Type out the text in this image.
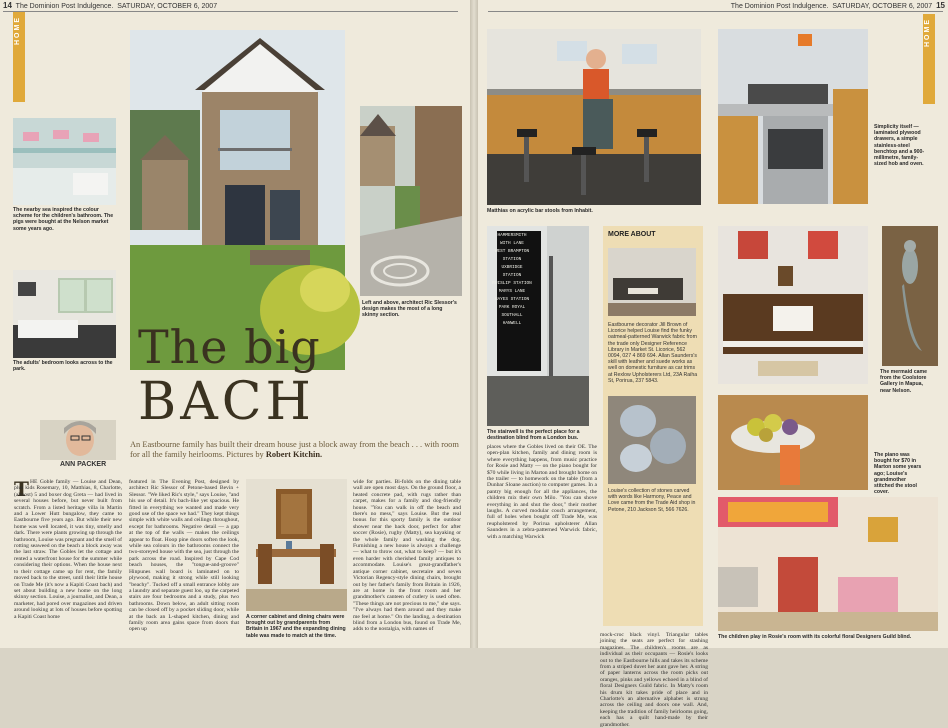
14 The Dominion Post Indulgence. SATURDAY, OCTOBER 6, 2007
HOME
The nearby sea inspired the colour scheme for the children's bathroom. The pigs were bought at the Nelson market some years ago.
The adults' bedroom looks across to the park.
Left and above, architect Ric Slessor's design makes the most of a long skinny section.
The big
BACH
ANN PACKER
An Eastbourne family has built their dream house just a block away from the beach . . . with room for all the family heirlooms. Pictures by Robert Kitchin.
T HE Goble family — Louise and Dean, plus kids Rosemary, 10, Matthias, 8, Charlotte, (almost) 5 and boxer dog Greta — had lived in several houses before, but never built from scratch. From a listed heritage villa in Martin and a Lower Hutt bungalow, they came to Eastbourne five years ago. But while their new home was well located, it was tiny, smelly and dark. There were plants growing up through the bathroom, Louise was pregnant and the smell of rotting seaweed on the beach a block away was the last straw. The Gobles let the cottage and rented a waterfront house for the summer while considering their options. When the house next to their cottage came up for rent, the family moved back to the street, until their little house on Trade Me (it's now a Kapiti Coast bach) and set about building a new home on the long skinny section. Louise, a journalist, and Dean, a marketer, had pored over magazines and driven around looking at lots of houses before spotting a Kapiti Coast home
featured in The Evening Post, designed by architect Ric Slessor of Petone-based Bevin + Slessor. "We liked Ric's style," says Louise, "and his use of detail. It's bach-like yet spacious. He fitted in everything we wanted and made very good use of the space we had." They kept things simple with white walls and ceilings throughout, except for bathrooms. Negative detail — a gap at the top of the walls — makes the ceilings appear to float. Hoop pine doors soften the look, while sea colours in the bathrooms connect the two-storeyed house with the sea, just through the park across the road. Inspired by Cape Cod beach houses, the "tongue-and-groove" Hinpunes wall board is laminated on to plywood, making it strong while still looking "beachy". Tucked off a small entrance lobby are a laundry and separate guest loo, up the carpeted stairs are four bedrooms and a study, plus two bathrooms. Down below, an adult sitting room can be closed off by a pocket sliding door, while at the back an L-shaped kitchen, dining and family room area gains space from doors that open up
A corner cabinet and dining chairs were brought out by grandparents from Britain in 1967 and the expanding dining table was made to match at the time.
wide for parties. Bi-folds on the dining table wall are open most days. On the ground floor, a heated concrete pad, with rugs rather than carpet, makes for a family and dog-friendly house. "You can walk in off the beach and there's no mess," says Louise. But the real bonus for this sporty family is the outdoor shower near the back door, perfect for after soccer (Rosie), rugby (Matty), sea kayaking or the whole family and washing the dog. Furnishing a new house is always a challenge — what to throw out, what to keep? — but it's even harder with cherished family antiques to accommodate. Louise's great-grandfather's antique corner cabinet, secretaire and seven Victorian Regency-style dining chairs, brought out by her father's family from Britain in 1926, are at home in the front room and her grandmother's canteen of cutlery is used often. "These things are not precious to me," she says. "I've always had them around and they make me feel at home." On the landing, a destination blind from a London bus, found on Trade Me, adds to the nostalgia, with names of
The Dominion Post Indulgence. SATURDAY, OCTOBER 6, 2007 15
HOME
Matthias on acrylic bar stools from Inhabit.
Simplicity itself — laminated plywood drawers, a simple stainless-steel benchtop and a 900-millimetre, family-sized hob and oven.
HAMMERSMITH
WITH LANE
WEST BRAMPTON
STATION
UXBRIDGE
STATION
RUISLIP STATION
MARYS LANE
HAYES STATION
PARK ROYAL
SOUTHALL
HANWELL
The stairwell is the perfect place for a destination blind from a London bus.
MORE ABOUT
Eastbourne decorator Jill Brown of Licorice helped Louise find the funky oatmeal-patterned Warwick fabric from the trade only Designer Reference Library in Market St. Licorice, 562 0094, 027 4 869 694. Allan Saunders's skill with leather and suede works as well on domestic furniture as car trims at Rexlow Upholsterers Ltd, 23A Raiha St, Porirua, 237 5843.
Louise's collection of stones carved with words like Harmony, Peace and Love came from the Trade Aid shop in Petone, 210 Jackson St, 566 7626.
The mermaid came from the Coolstore Gallery in Mapua, near Nelson.
The piano was bought for $70 in Marton some years ago; Louise's grandmother stitched the stool cover.
The children play in Rosie's room with its colorful floral Designers Guild blind.
places where the Gobles lived on their OE. The open-plan kitchen, family and dining room is where everything happens, from music practice for Rosie and Matty — on the piano bought for $70 while living in Marton and brought home on the trailer — to homework on the table (from a Dunbar Sloane auction) to computer games. In a pantry big enough for all the appliances, the children mix their own Milo. "You can shove everything in and shut the door," their mother laughs. A curved modular couch arrangement, full of holes when bought off Trade Me, was reupholstered by Porirua upholsterer Allan Saunders in a zebra-patterned Warwick fabric, with a matching Warwick
mock-croc black vinyl. Triangular tables joining the seats are perfect for stashing magazines. The children's rooms are as individual as their occupants — Rosie's looks out to the Eastbourne hills and takes its scheme from a striped duvet her aunt gave her. A string of paper lanterns across the room picks out oranges, pinks and yellows echoed in a blind of floral Designers Guild fabric. In Matty's room his drum kit takes pride of place and in Charlotte's an alternative alphabet is strung across the ceiling and doors one wall. And, keeping the tradition of family heirlooms going, each has a quilt hand-made by their grandmother.
